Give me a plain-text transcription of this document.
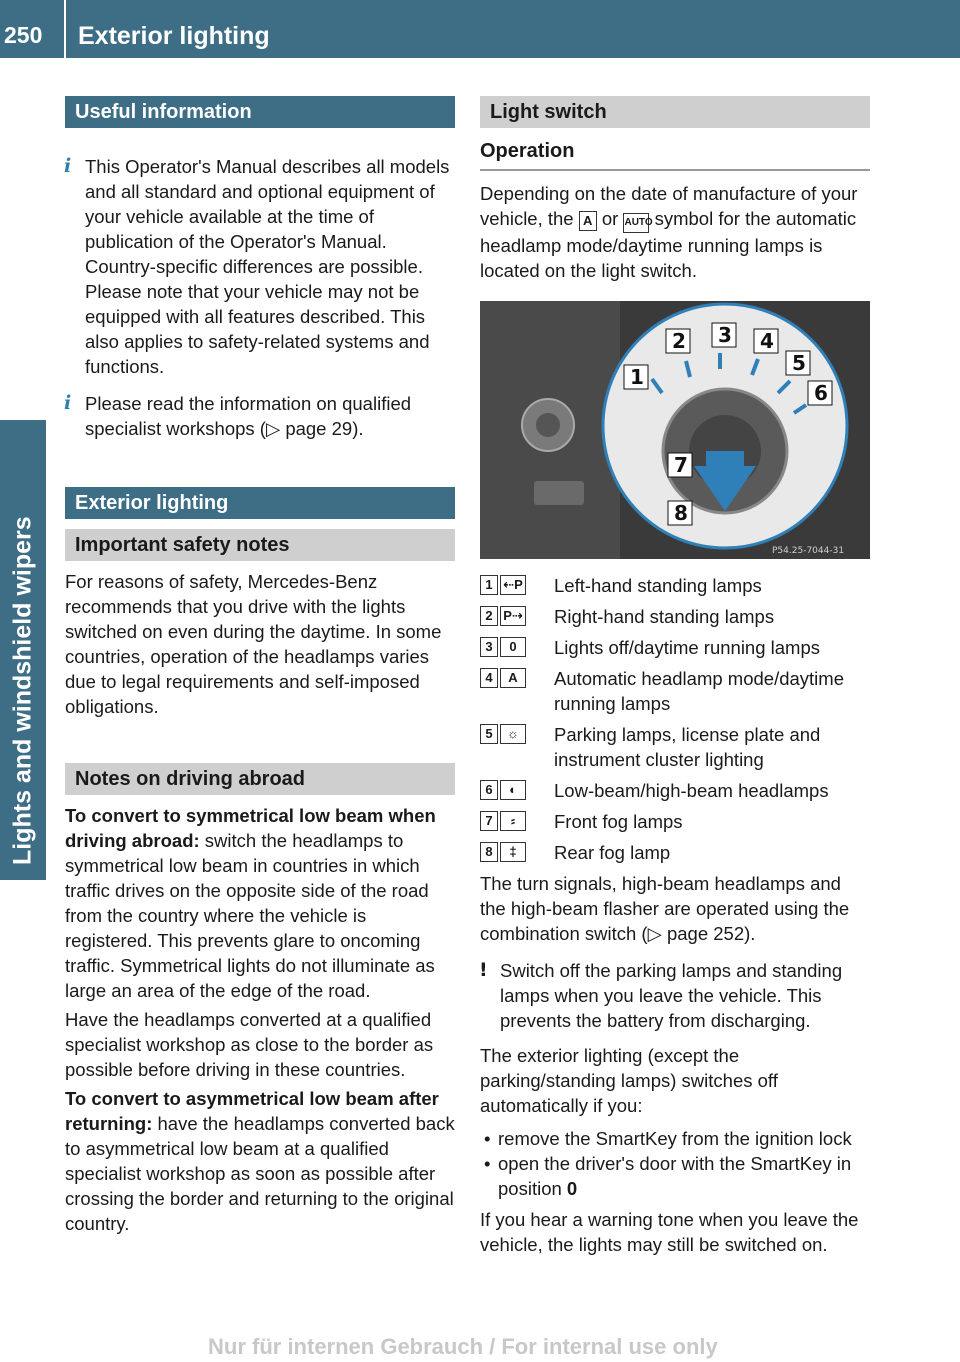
250 Exterior lighting
Lights and windshield wipers
Useful information
i This Operator's Manual describes all models and all standard and optional equipment of your vehicle available at the time of publication of the Operator's Manual. Country-specific differences are possible. Please note that your vehicle may not be equipped with all features described. This also applies to safety-related systems and functions.

i Please read the information on qualified specialist workshops (▷ page 29).

Exterior lighting
Important safety notes

For reasons of safety, Mercedes-Benz recommends that you drive with the lights switched on even during the daytime. In some countries, operation of the headlamps varies due to legal requirements and self-imposed obligations.

Notes on driving abroad

To convert to symmetrical low beam when driving abroad: switch the headlamps to symmetrical low beam in countries in which traffic drives on the opposite side of the road from the country where the vehicle is registered. This prevents glare to oncoming traffic. Symmetrical lights do not illuminate as large an area of the edge of the road.

Have the headlamps converted at a qualified specialist workshop as close to the border as possible before driving in these countries.

To convert to asymmetrical low beam after returning: have the headlamps converted back to asymmetrical low beam at a qualified specialist workshop as soon as possible after crossing the border and returning to the original country.

Light switch
Operation

Depending on the date of manufacture of your vehicle, the A or AUTO symbol for the automatic headlamp mode/daytime running lamps is located on the light switch.

1
2 3 4
5
6
7
8
P54.25-7044-31
1 ⇠P Left-hand standing lamps
2 P⇢ Right-hand standing lamps
3	0	Lights off/daytime running lamps
4	A	Automatic headlamp mode/daytime running lamps
5	☼	Parking lamps, license plate and instrument cluster lighting
6	◐	Low-beam/high-beam headlamps
7	⸗	Front fog lamps
8	‡	Rear fog lamp

The turn signals, high-beam headlamps and the high-beam flasher are operated using the combination switch (▷ page 252).

! Switch off the parking lamps and standing lamps when you leave the vehicle. This prevents the battery from discharging.

The exterior lighting (except the parking/standing lamps) switches off automatically if you:

• remove the SmartKey from the ignition lock

• open the driver's door with the SmartKey in position 0

If you hear a warning tone when you leave the vehicle, the lights may still be switched on.

Nur für internen Gebrauch / For internal use only
